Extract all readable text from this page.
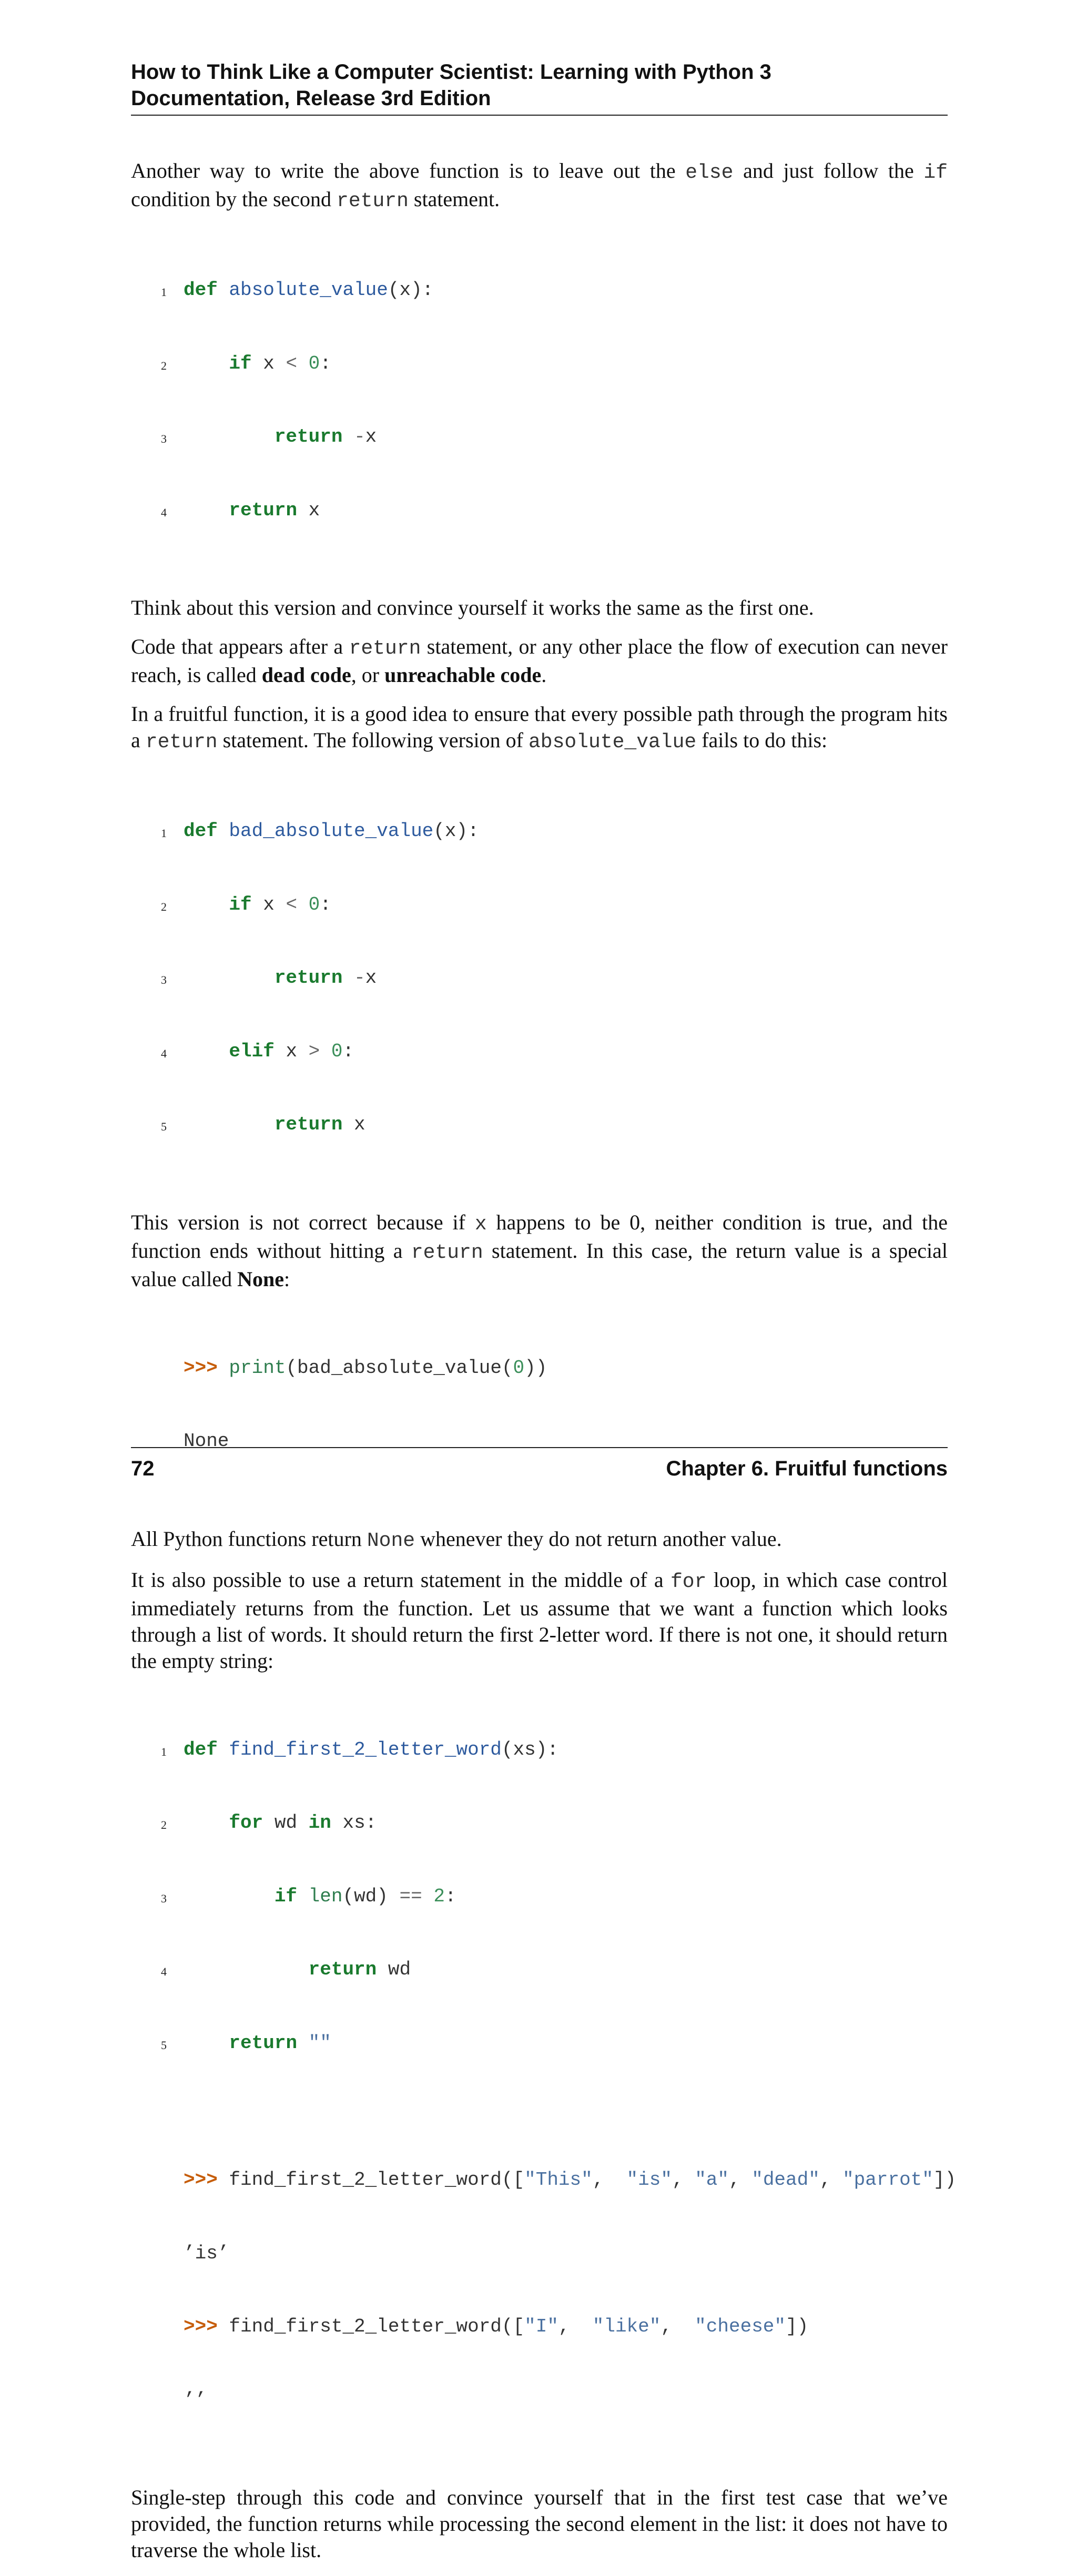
How to Think Like a Computer Scientist: Learning with Python 3
Documentation, Release 3rd Edition

Another way to write the above function is to leave out the else and just follow the if condition by the second return statement.

1 def absolute_value(x):

2	if x < 0:

3	return -x

4	return x

Think about this version and convince yourself it works the same as the first one.

Code that appears after a return statement, or any other place the flow of execution can never reach, is called dead code, or unreachable code.

In a fruitful function, it is a good idea to ensure that every possible path through the program hits a return statement. The following version of absolute_value fails to do this:

1 def bad_absolute_value(x):

2	if x < 0:

3	return -x

4	elif x > 0:

5	return x

This version is not correct because if x happens to be 0, neither condition is true, and the function ends without hitting a return statement. In this case, the return value is a special value called None:

>>> print(bad_absolute_value(0))

None

All Python functions return None whenever they do not return another value.

It is also possible to use a return statement in the middle of a for loop, in which case control immediately returns from the function. Let us assume that we want a function which looks through a list of words. It should return the first 2-letter word. If there is not one, it should return the empty string:

1 def find_first_2_letter_word(xs):

2	for wd in xs:

3	if len(wd) == 2:

4	return wd

5	return ""

>>> find_first_2_letter_word(["This",  "is", "a", "dead", "parrot"])

’is’

>>> find_first_2_letter_word(["I",  "like",  "cheese"])

’’

Single-step through this code and convince yourself that in the first test case that we’ve provided, the function returns while processing the second element in the list: it does not have to traverse the whole list.

72	Chapter 6. Fruitful functions
